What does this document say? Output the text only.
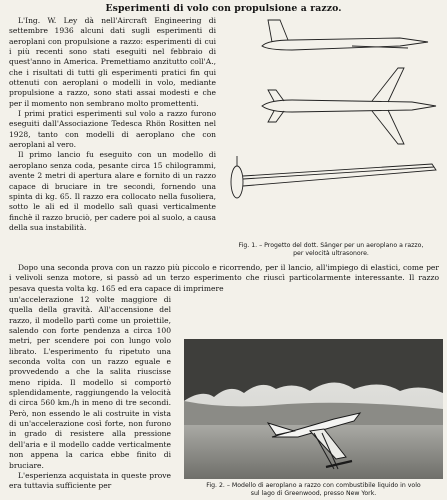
Esperimenti di volo con propulsione a razzo.

L'Ing. W. Ley dà nell'Aircraft Engineering di settembre 1936 alcuni dati sugli esperimenti di aeroplani con propulsione a razzo: esperimenti di cui i più recenti sono stati eseguiti nel febbraio di quest'anno in America. Premettiamo anzitutto coll'A., che i risultati di tutti gli esperimenti pratici fin qui ottenuti con aeroplani o modelli in volo, mediante propulsione a razzo, sono stati assai modesti e che per il momento non sembrano molto promettenti.

I primi pratici esperimenti sul volo a razzo furono eseguiti dall'Associazione Tedesca Rhön Rositten nel 1928, tanto con modelli di aeroplano che con aeroplani al vero.

Il primo lancio fu eseguito con un modello di aeroplano senza coda, pesante circa 15 chilogrammi, avente 2 metri di apertura alare e fornito di un razzo capace di bruciare in tre secondi, fornendo una spinta di kg. 65. Il razzo era collocato nella fusoliera, sotto le ali ed il modello salì quasi verticalmente finchè il razzo bruciò, per cadere poi al suolo, a causa della sua instabilità.

Fig. 1. – Progetto del dott. Sänger per un aeroplano a razzo,
per velocità ultrasonore.

Dopo una seconda prova con un razzo più piccolo e ricorrendo, per il lancio, all'impiego di elastici, come per i velivoli senza motore, si passò ad un terzo esperimento che riuscì particolarmente interessante. Il razzo pesava questa volta kg. 165 ed era capace di imprimere

un'accelerazione 12 volte maggiore di quella della gravità. All'accensione del razzo, il modello partì come un proiettile, salendo con forte pendenza a circa 100 metri, per scendere poi con lungo volo librato. L'esperimento fu ripetuto una seconda volta con un razzo eguale e provvedendo a che la salita riuscisse meno ripida. Il modello si comportò splendidamente, raggiungendo la velocità di circa 560 km./h in meno di tre secondi. Però, non essendo le ali costruite in vista di un'accelerazione così forte, non furono in grado di resistere alla pressione dell'aria e il modello cadde verticalmente non appena la carica ebbe finito di bruciare.

L'esperienza acquistata in queste prove era tuttavia sufficiente per	Fig. 2. – Modello di aeroplano a razzo con combustibile liquido in volo
sul lago di Greenwood, presso New York.
